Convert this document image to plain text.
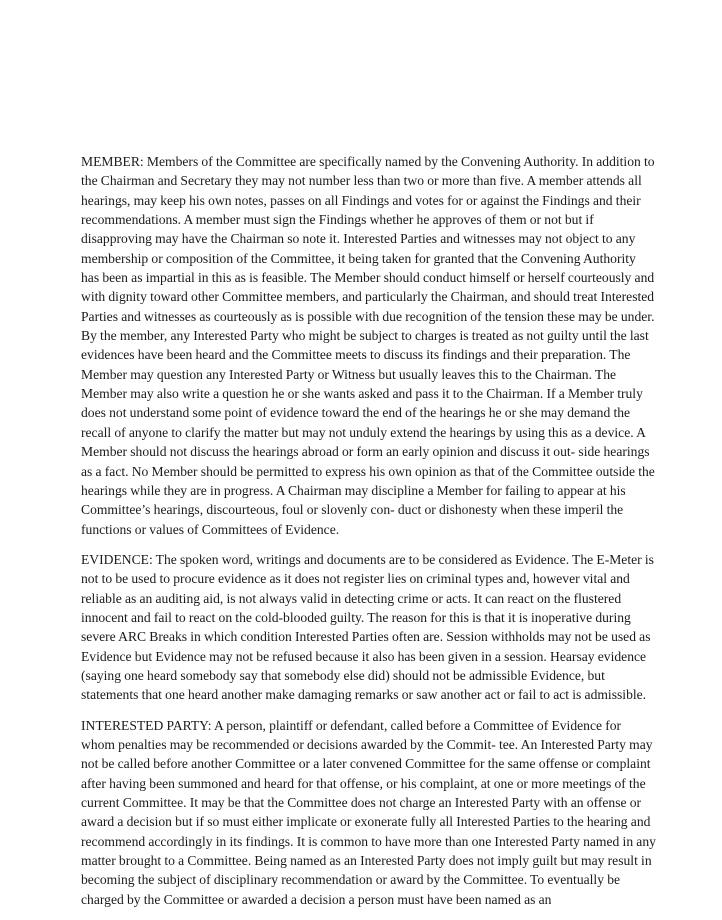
MEMBER: Members of the Committee are specifically named by the Convening Authority. In addition to the Chairman and Secretary they may not number less than two or more than five. A member attends all hearings, may keep his own notes, passes on all Findings and votes for or against the Findings and their recommendations. A member must sign the Findings whether he approves of them or not but if disapproving may have the Chairman so note it. Interested Parties and witnesses may not object to any membership or composition of the Committee, it being taken for granted that the Convening Authority has been as impartial in this as is feasible. The Member should conduct himself or herself courteously and with dignity toward other Committee members, and particularly the Chairman, and should treat Interested Parties and witnesses as courteously as is possible with due recognition of the tension these may be under. By the member, any Interested Party who might be subject to charges is treated as not guilty until the last evidences have been heard and the Committee meets to discuss its findings and their preparation. The Member may question any Interested Party or Witness but usually leaves this to the Chairman. The Member may also write a question he or she wants asked and pass it to the Chairman. If a Member truly does not understand some point of evidence toward the end of the hearings he or she may demand the recall of anyone to clarify the matter but may not unduly extend the hearings by using this as a device. A Member should not discuss the hearings abroad or form an early opinion and discuss it out- side hearings as a fact. No Member should be permitted to express his own opinion as that of the Committee outside the hearings while they are in progress. A Chairman may discipline a Member for failing to appear at his Committee’s hearings, discourteous, foul or slovenly con- duct or dishonesty when these imperil the functions or values of Committees of Evidence.

EVIDENCE: The spoken word, writings and documents are to be considered as Evidence. The E-Meter is not to be used to procure evidence as it does not register lies on criminal types and, however vital and reliable as an auditing aid, is not always valid in detecting crime or acts. It can react on the flustered innocent and fail to react on the cold-blooded guilty. The reason for this is that it is inoperative during severe ARC Breaks in which condition Interested Parties often are. Session withholds may not be used as Evidence but Evidence may not be refused because it also has been given in a session. Hearsay evidence (saying one heard somebody say that somebody else did) should not be admissible Evidence, but statements that one heard another make damaging remarks or saw another act or fail to act is admissible.

INTERESTED PARTY: A person, plaintiff or defendant, called before a Committee of Evidence for whom penalties may be recommended or decisions awarded by the Commit- tee. An Interested Party may not be called before another Committee or a later convened Committee for the same offense or complaint after having been summoned and heard for that offense, or his complaint, at one or more meetings of the current Committee. It may be that the Committee does not charge an Interested Party with an offense or award a decision but if so must either implicate or exonerate fully all Interested Parties to the hearing and recommend accordingly in its findings. It is common to have more than one Interested Party named in any matter brought to a Committee. Being named as an Interested Party does not imply guilt but may result in becoming the subject of disciplinary recommendation or award by the Committee. To eventually be charged by the Committee or awarded a decision a person must have been named as an
